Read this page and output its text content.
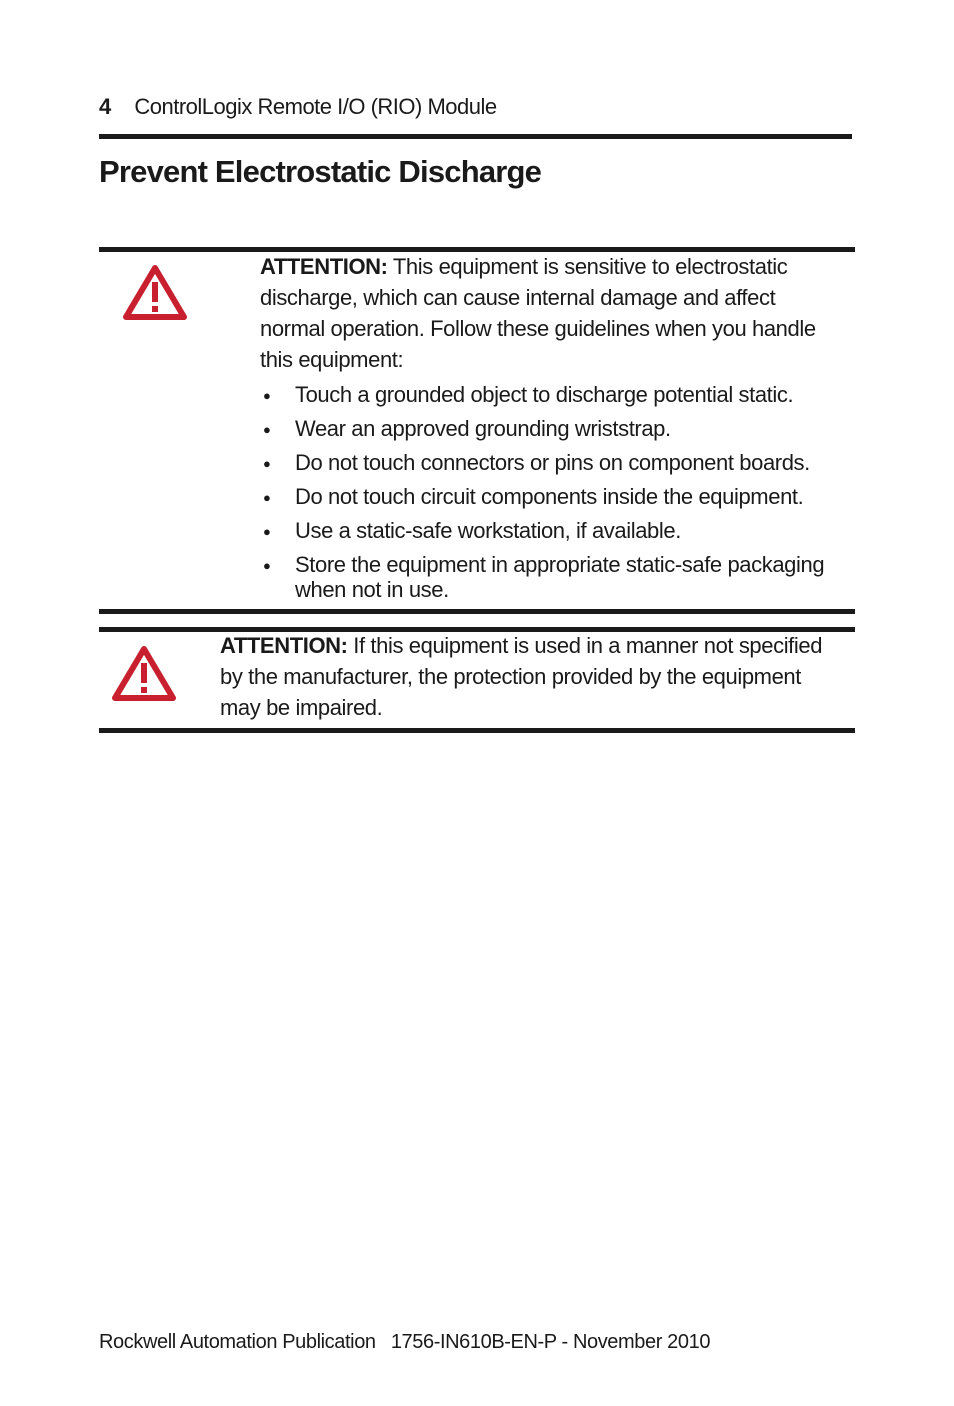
4 ControlLogix Remote I/O (RIO) Module
Prevent Electrostatic Discharge
ATTENTION: This equipment is sensitive to electrostatic discharge, which can cause internal damage and affect normal operation. Follow these guidelines when you handle this equipment:
● Touch a grounded object to discharge potential static.
● Wear an approved grounding wriststrap.
● Do not touch connectors or pins on component boards.
● Do not touch circuit components inside the equipment.
● Use a static-safe workstation, if available.
● Store the equipment in appropriate static-safe packaging when not in use.
ATTENTION: If this equipment is used in a manner not specified by the manufacturer, the protection provided by the equipment may be impaired.
Rockwell Automation Publication 1756-IN610B-EN-P - November 2010
